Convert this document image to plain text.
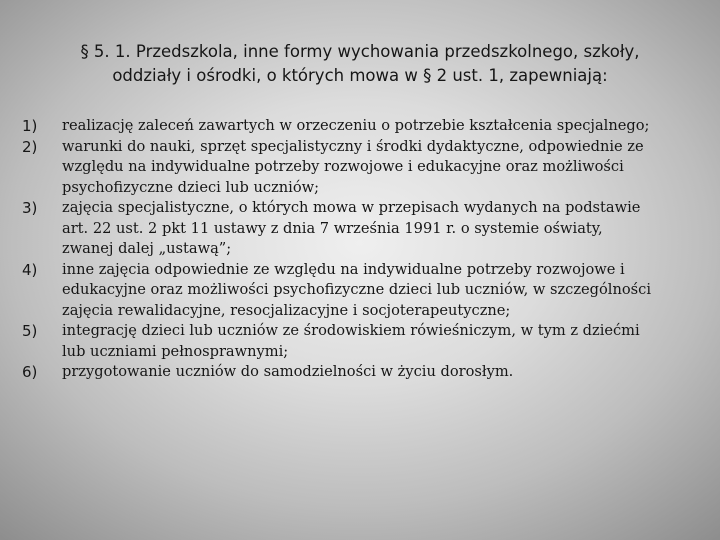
§ 5. 1. Przedszkola, inne formy wychowania przedszkolnego, szkoły,
oddziały i ośrodki, o których mowa w § 2 ust. 1, zapewniają:
1)	realizację zaleceń zawartych w orzeczeniu o potrzebie kształcenia specjalnego;
2)	warunki do nauki, sprzęt specjalistyczny i środki dydaktyczne, odpowiednie ze
względu na indywidualne potrzeby rozwojowe i edukacyjne oraz możliwości
psychofizyczne dzieci lub uczniów;
3)	zajęcia specjalistyczne, o których mowa w przepisach wydanych na podstawie
art. 22 ust. 2 pkt 11 ustawy z dnia 7 września 1991 r. o systemie oświaty,
zwanej dalej „ustawą”;
4)	inne zajęcia odpowiednie ze względu na indywidualne potrzeby rozwojowe i
edukacyjne oraz możliwości psychofizyczne dzieci lub uczniów, w szczególności
zajęcia rewalidacyjne, resocjalizacyjne i socjoterapeutyczne;
5)	integrację dzieci lub uczniów ze środowiskiem rówieśniczym, w tym z dziećmi
lub uczniami pełnosprawnymi;
6)	przygotowanie uczniów do samodzielności w życiu dorosłym.
